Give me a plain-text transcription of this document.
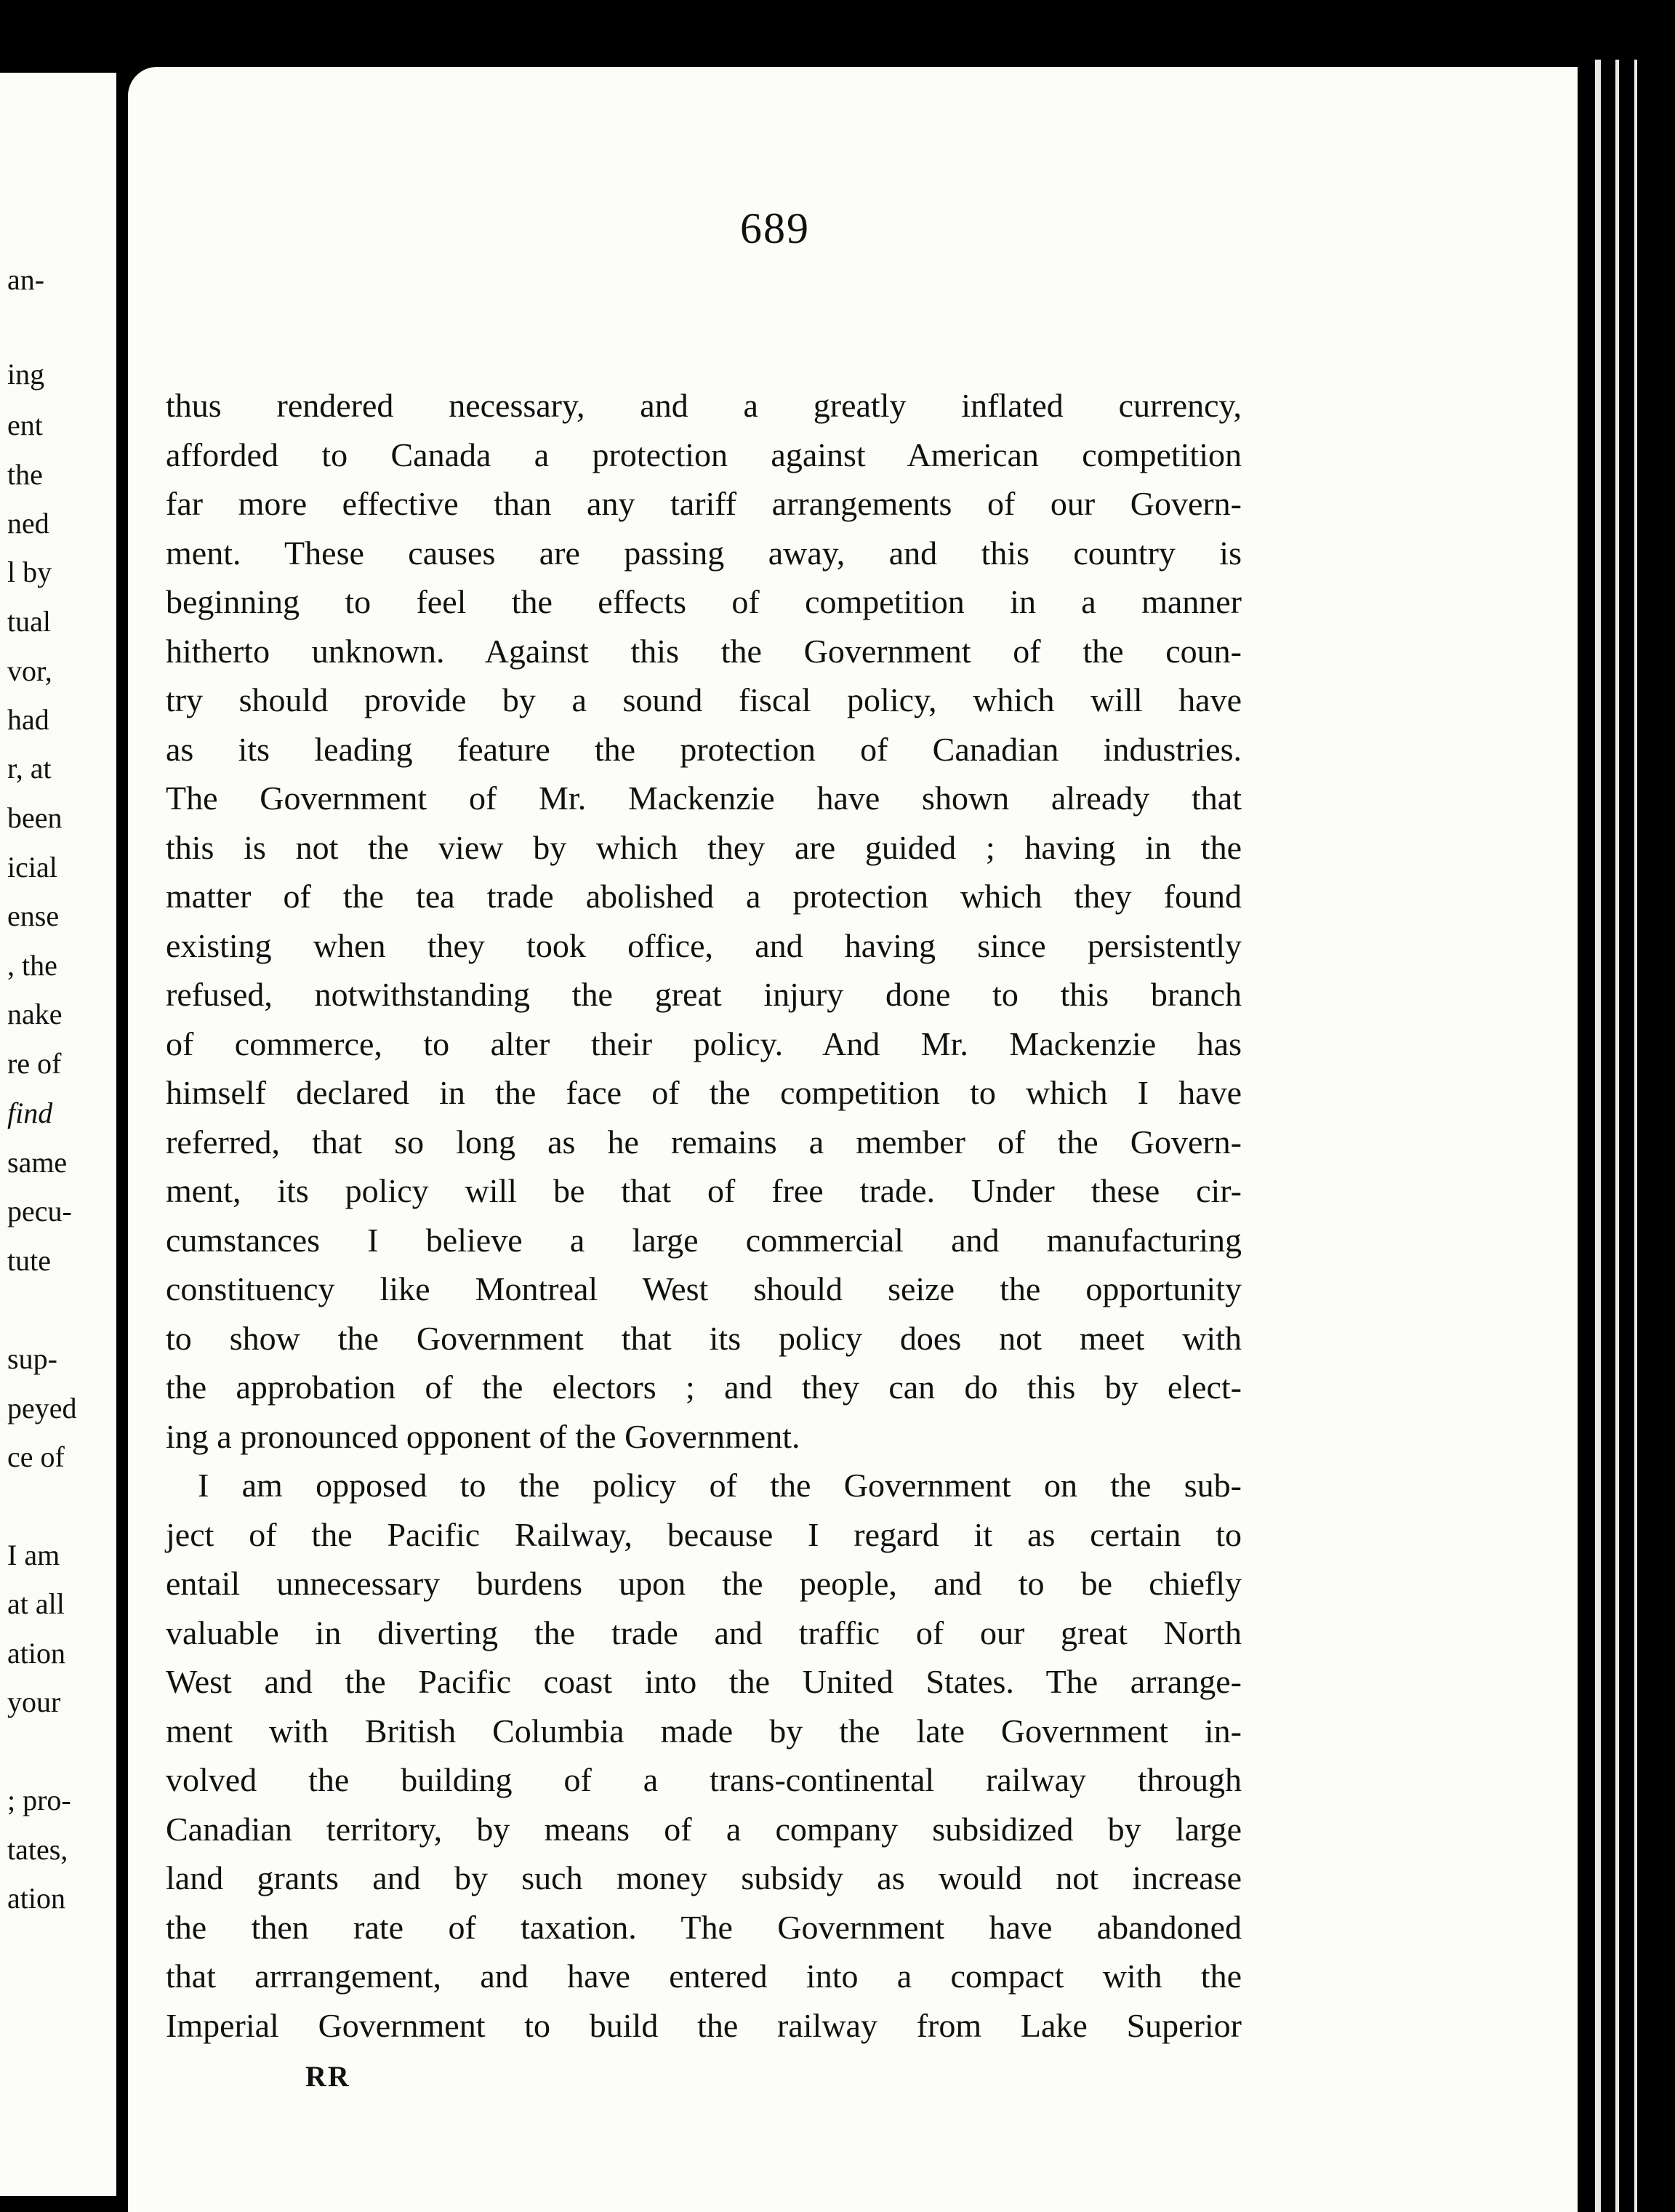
an-
ing
ent
the
ned
l by
tual
vor,
had
r, at
been
icial
ense
, the
nake
re of
find
same
pecu-
tute
sup-
peyed
ce of
I am
at all
ation
your
; pro-
tates,
ation
689
thus rendered necessary, and a greatly inflated currency,
afforded to Canada a protection against American competition
far more effective than any tariff arrangements of our Govern-
ment. These causes are passing away, and this country is
beginning to feel the effects of competition in a manner
hitherto unknown. Against this the Government of the coun-
try should provide by a sound fiscal policy, which will have
as its leading feature the protection of Canadian industries.
The Government of Mr. Mackenzie have shown already that
this is not the view by which they are guided ; having in the
matter of the tea trade abolished a protection which they found
existing when they took office, and having since persistently
refused, notwithstanding the great injury done to this branch
of commerce, to alter their policy. And Mr. Mackenzie has
himself declared in the face of the competition to which I have
referred, that so long as he remains a member of the Govern-
ment, its policy will be that of free trade. Under these cir-
cumstances I believe a large commercial and manufacturing
constituency like Montreal West should seize the opportunity
to show the Government that its policy does not meet with
the approbation of the electors ; and they can do this by elect-
ing a pronounced opponent of the Government.
I am opposed to the policy of the Government on the sub-
ject of the Pacific Railway, because I regard it as certain to
entail unnecessary burdens upon the people, and to be chiefly
valuable in diverting the trade and traffic of our great North
West and the Pacific coast into the United States. The arrange-
ment with British Columbia made by the late Government in-
volved the building of a trans-continental railway through
Canadian territory, by means of a company subsidized by large
land grants and by such money subsidy as would not increase
the then rate of taxation. The Government have abandoned
that arrrangement, and have entered into a compact with the
Imperial Government to build the railway from Lake Superior
RR
